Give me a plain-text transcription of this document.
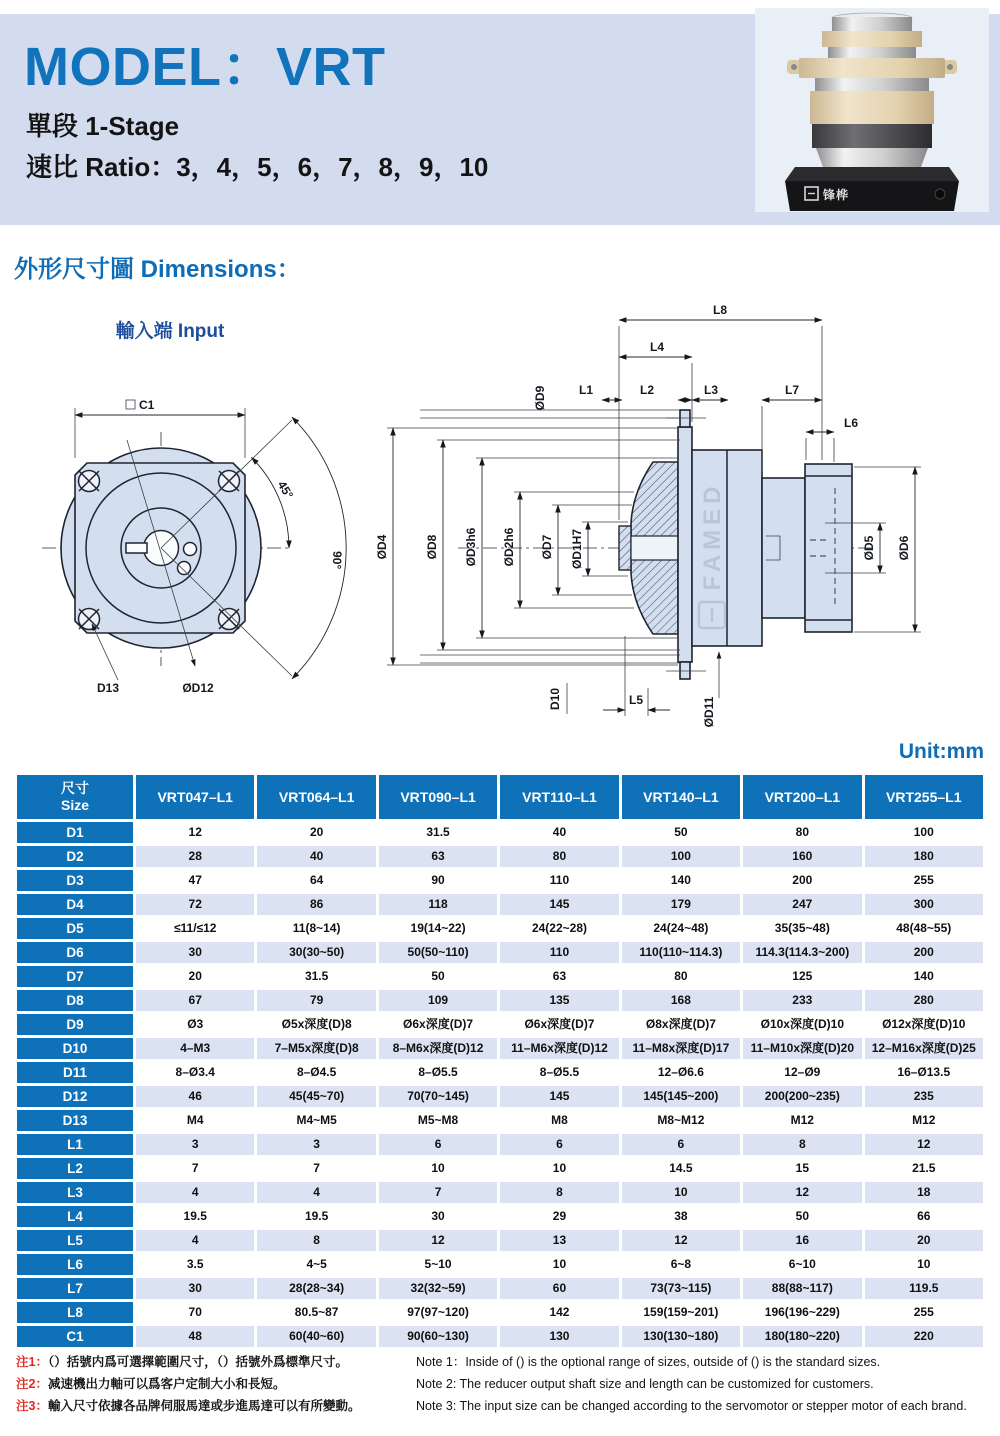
MODEL：VRT
單段 1-Stage
速比 Ratio：3，4，5，6，7，8，9，10
锋桦
外形尺寸圖 Dimensions：
輸入端 Input
C1
45°
90°
D13	ØD12
FAMED
L8
L4
L1	L2	L3	L7
L6
ØD9
ØD4	ØD8 ØD3h6 ØD2h6 ØD7 ØD1H7	ØD5 ØD6
D10	L5	ØD11
Unit:mm
尺寸
Size	VRT047–L1	VRT064–L1	VRT090–L1	VRT110–L1	VRT140–L1	VRT200–L1	VRT255–L1
D1	12	20	31.5	40	50	80	100
D2	28	40	63	80	100	160	180
D3	47	64	90	110	140	200	255
D4	72	86	118	145	179	247	300
D5	≤11/≤12	11(8~14)	19(14~22)	24(22~28)	24(24~48)	35(35~48)	48(48~55)
D6	30	30(30~50)	50(50~110)	110	110(110~114.3)	114.3(114.3~200)	200
D7	20	31.5	50	63	80	125	140
D8	67	79	109	135	168	233	280
D9	Ø3	Ø5x深度(D)8	Ø6x深度(D)7	Ø6x深度(D)7	Ø8x深度(D)7	Ø10x深度(D)10	Ø12x深度(D)10
D10	4–M3	7–M5x深度(D)8	8–M6x深度(D)12	11–M6x深度(D)12	11–M8x深度(D)17	11–M10x深度(D)20	12–M16x深度(D)25
D11	8–Ø3.4	8–Ø4.5	8–Ø5.5	8–Ø5.5	12–Ø6.6	12–Ø9	16–Ø13.5
D12	46	45(45~70)	70(70~145)	145	145(145~200)	200(200~235)	235
D13	M4	M4~M5	M5~M8	M8	M8~M12	M12	M12
L1	3	3	6	6	6	8	12
L2	7	7	10	10	14.5	15	21.5
L3	4	4	7	8	10	12	18
L4	19.5	19.5	30	29	38	50	66
L5	4	8	12	13	12	16	20
L6	3.5	4~5	5~10	10	6~8	6~10	10
L7	30	28(28~34)	32(32~59)	60	73(73~115)	88(88~117)	119.5
L8	70	80.5~87	97(97~120)	142	159(159~201)	196(196~229)	255
C1	48	60(40~60)	90(60~130)	130	130(130~180)	180(180~220)	220
注1：（）括號内爲可選擇範圍尺寸，（）括號外爲標準尺寸。	Note 1：Inside of () is the optional range of sizes, outside of () is the standard sizes.
注2：减速機出力軸可以爲客户定制大小和長短。	Note 2: The reducer output shaft size and length can be customized for customers.
注3：輸入尺寸依據各品牌伺服馬達或步進馬達可以有所變動。	Note 3: The input size can be changed according to the servomotor or stepper motor of each brand.
